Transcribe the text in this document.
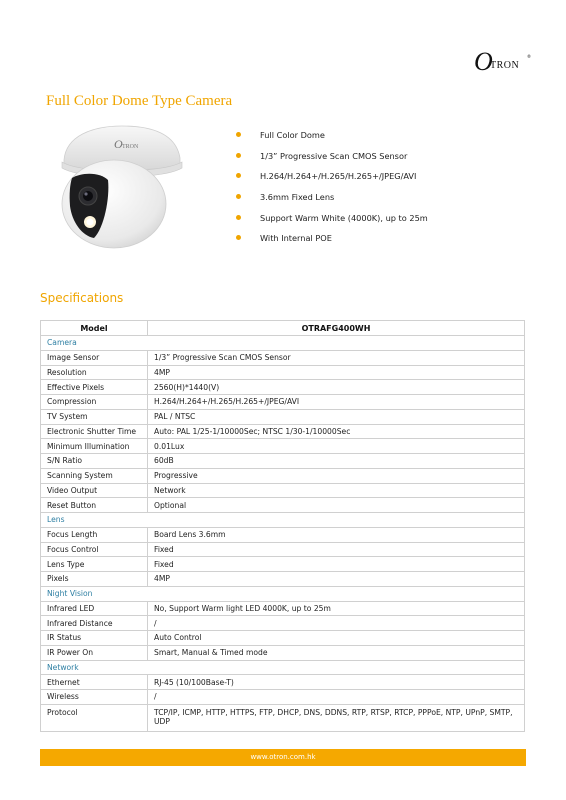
O
TRON
®
Full Color Dome Type Camera
O TRON
Full Color Dome
1/3” Progressive Scan CMOS Sensor
H.264/H.264+/H.265/H.265+/JPEG/AVI
3.6mm Fixed Lens
Support Warm White (4000K), up to 25m
With Internal POE
Specifications
Model	OTRAFG400WH
Camera	
Image Sensor	1/3” Progressive Scan CMOS Sensor
Resolution	4MP
Effective Pixels	2560(H)*1440(V)
Compression	H.264/H.264+/H.265/H.265+/JPEG/AVI
TV System	PAL / NTSC
Electronic Shutter Time	Auto: PAL 1/25-1/10000Sec; NTSC 1/30-1/10000Sec
Minimum Illumination	0.01Lux
S/N Ratio	60dB
Scanning System	Progressive
Video Output	Network
Reset Button	Optional
Lens	
Focus Length	Board Lens 3.6mm
Focus Control	Fixed
Lens Type	Fixed
Pixels	4MP
Night Vision	
Infrared LED	No, Support Warm light LED 4000K, up to 25m
Infrared Distance	/
IR Status	Auto Control
IR Power On	Smart, Manual & Timed mode
Network	
Ethernet	RJ-45 (10/100Base-T)
Wireless	/
Protocol	TCP/IP, ICMP, HTTP, HTTPS, FTP, DHCP, DNS, DDNS, RTP, RTSP, RTCP, PPPoE, NTP, UPnP, SMTP, UDP
www.otron.com.hk
